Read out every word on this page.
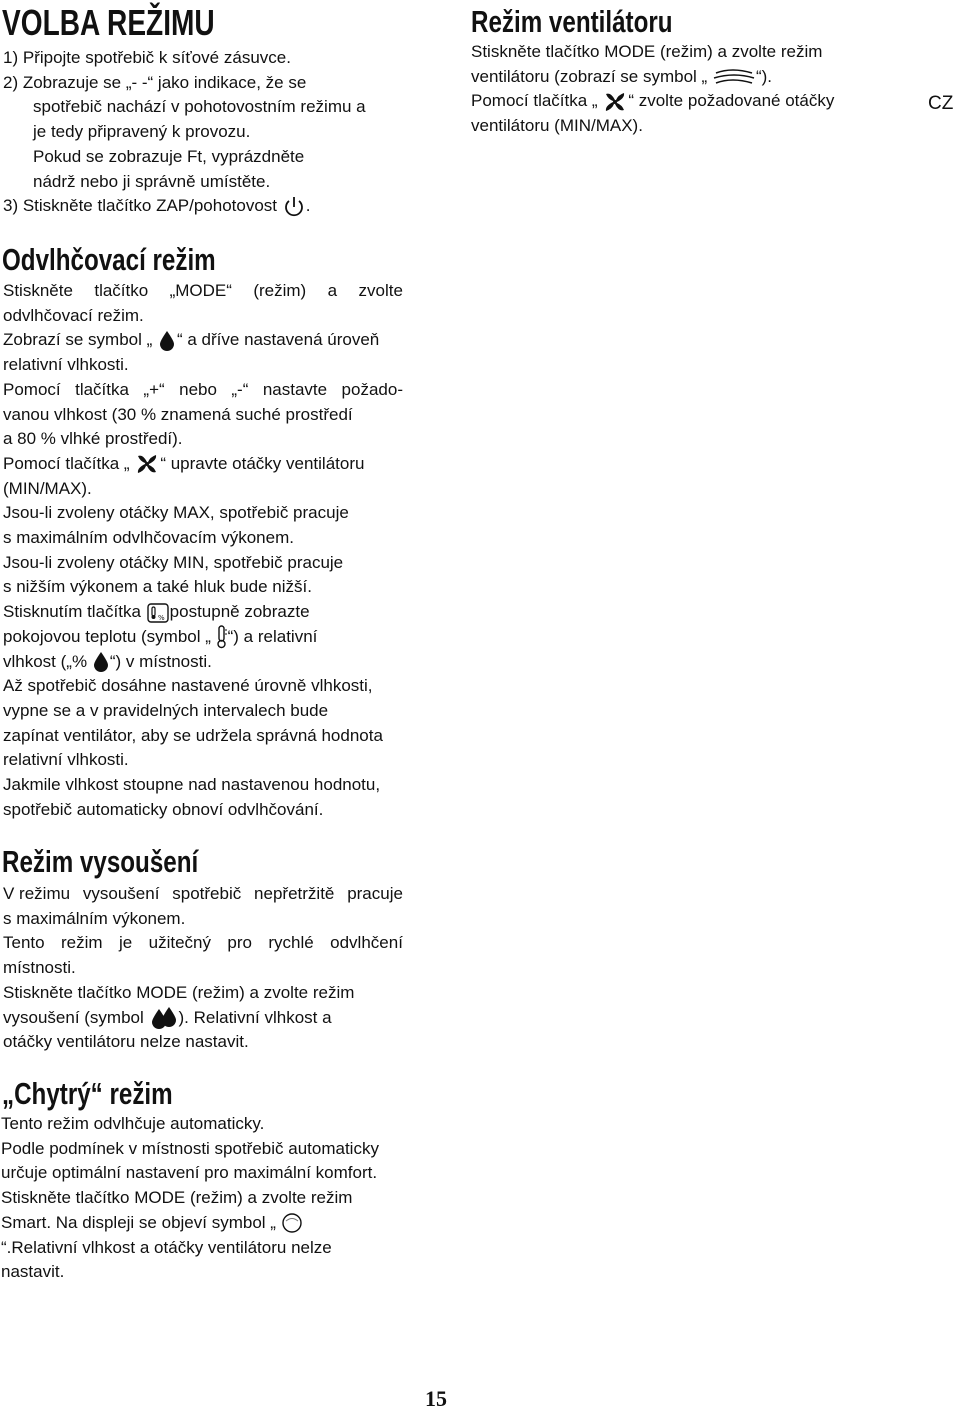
VOLBA REŽIMU
1) Připojte spotřebič k síťové zásuvce.
2) Zobrazuje se „- -“ jako indikace, že se
spotřebič nachází v pohotovostním režimu a
je tedy připravený k provozu.
Pokud se zobrazuje Ft, vyprázdněte
nádrž nebo ji správně umístěte.
3) Stiskněte tlačítko ZAP/pohotovost .
Režim ventilátoru
Stiskněte tlačítko MODE (režim) a zvolte režim
ventilátoru (zobrazí se symbol „	“).
Pomocí tlačítka „ “ zvolte požadované otáčky
ventilátoru (MIN/MAX).
CZ
Odvlhčovací režim
Stiskněte tlačítko „MODE“ (režim) a zvolte
odvlhčovací režim.
Zobrazí se symbol „ “ a dříve nastavená úroveň
relativní vlhkosti.
Pomocí tlačítka „+“ nebo „-“ nastavte požado-
vanou vlhkost (30 % znamená suché prostředí
a 80 % vlhké prostředí).
Pomocí tlačítka „ “ upravte otáčky ventilátoru
(MIN/MAX).
Jsou-li zvoleny otáčky MAX, spotřebič pracuje
s maximálním odvlhčovacím výkonem.
Jsou-li zvoleny otáčky MIN, spotřebič pracuje
s nižším výkonem a také hluk bude nižší.
Stisknutím tlačítka % postupně zobrazte
pokojovou teplotu (symbol „ “) a relativní
vlhkost („% “) v místnosti.
Až spotřebič dosáhne nastavené úrovně vlhkosti,
vypne se a v pravidelných intervalech bude
zapínat ventilátor, aby se udržela správná hodnota
relativní vlhkosti.
Jakmile vlhkost stoupne nad nastavenou hodnotu,
spotřebič automaticky obnoví odvlhčování.
Režim vysoušení
V režimu vysoušení spotřebič nepřetržitě pracuje
s maximálním výkonem.
Tento režim je užitečný pro rychlé odvlhčení
místnosti.
Stiskněte tlačítko MODE (režim) a zvolte režim
vysoušení (symbol ). Relativní vlhkost a
otáčky ventilátoru nelze nastavit.
„Chytrý“ režim
Tento režim odvlhčuje automaticky.
Podle podmínek v místnosti spotřebič automaticky
určuje optimální nastavení pro maximální komfort.
Stiskněte tlačítko MODE (režim) a zvolte režim
Smart. Na displeji se objeví symbol „
“.Relativní vlhkost a otáčky ventilátoru nelze
nastavit.
15
